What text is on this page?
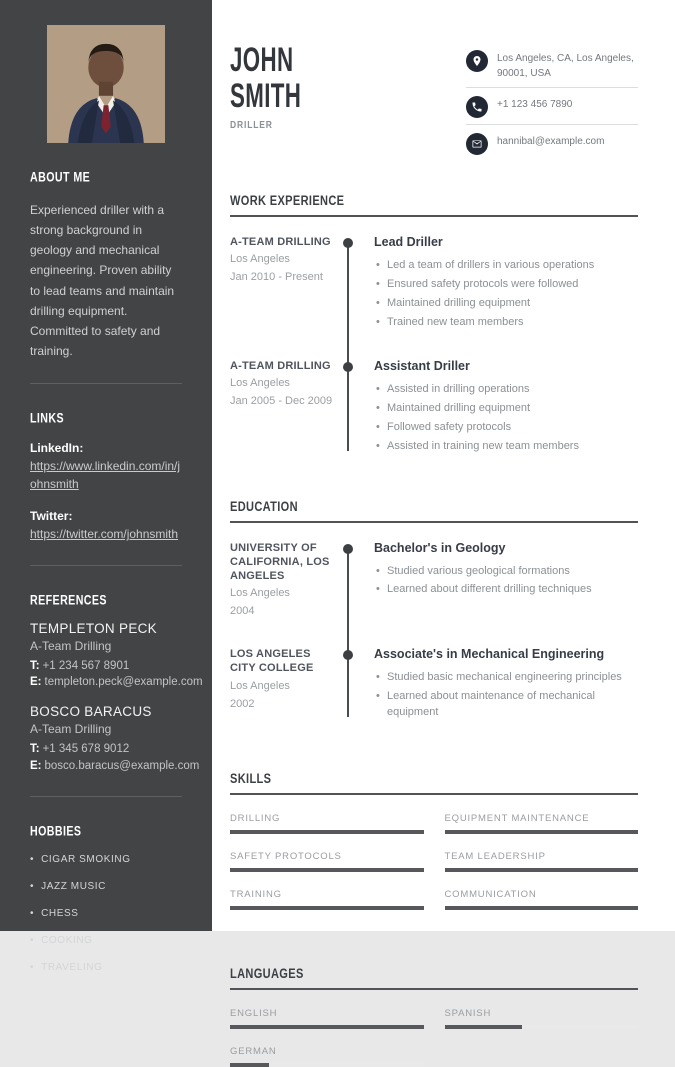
ABOUT ME

Experienced driller with a strong background in geology and mechanical engineering. Proven ability to lead teams and maintain drilling equipment. Committed to safety and training.

LINKS
LinkedIn:
https://www.linkedin.com/in/johnsmith
Twitter:
https://twitter.com/johnsmith
REFERENCES
TEMPLETON PECK
A-Team Drilling
T: +1 234 567 8901
E: templeton.peck@example.com
BOSCO BARACUS
A-Team Drilling
T: +1 345 678 9012
E: bosco.baracus@example.com
HOBBIES
• CIGAR SMOKING
• JAZZ MUSIC
• CHESS
• COOKING
• TRAVELING
JOHN
SMITH
DRILLER
Los Angeles, CA, Los Angeles, 90001, USA
+1 123 456 7890
hannibal@example.com
WORK EXPERIENCE
A-TEAM DRILLING
Los Angeles
Jan 2010 - Present
Lead Driller
• Led a team of drillers in various operations
• Ensured safety protocols were followed
• Maintained drilling equipment
• Trained new team members
A-TEAM DRILLING
Los Angeles
Jan 2005 - Dec 2009
Assistant Driller
• Assisted in drilling operations
• Maintained drilling equipment
• Followed safety protocols
• Assisted in training new team members
EDUCATION
UNIVERSITY OF CALIFORNIA, LOS ANGELES
Los Angeles
2004
Bachelor's in Geology
• Studied various geological formations
• Learned about different drilling techniques
LOS ANGELES CITY COLLEGE
Los Angeles
2002
Associate's in Mechanical Engineering
• Studied basic mechanical engineering principles
• Learned about maintenance of mechanical equipment
SKILLS
DRILLING	EQUIPMENT MAINTENANCE
SAFETY PROTOCOLS	TEAM LEADERSHIP
TRAINING	COMMUNICATION
LANGUAGES
ENGLISH	SPANISH
GERMAN
